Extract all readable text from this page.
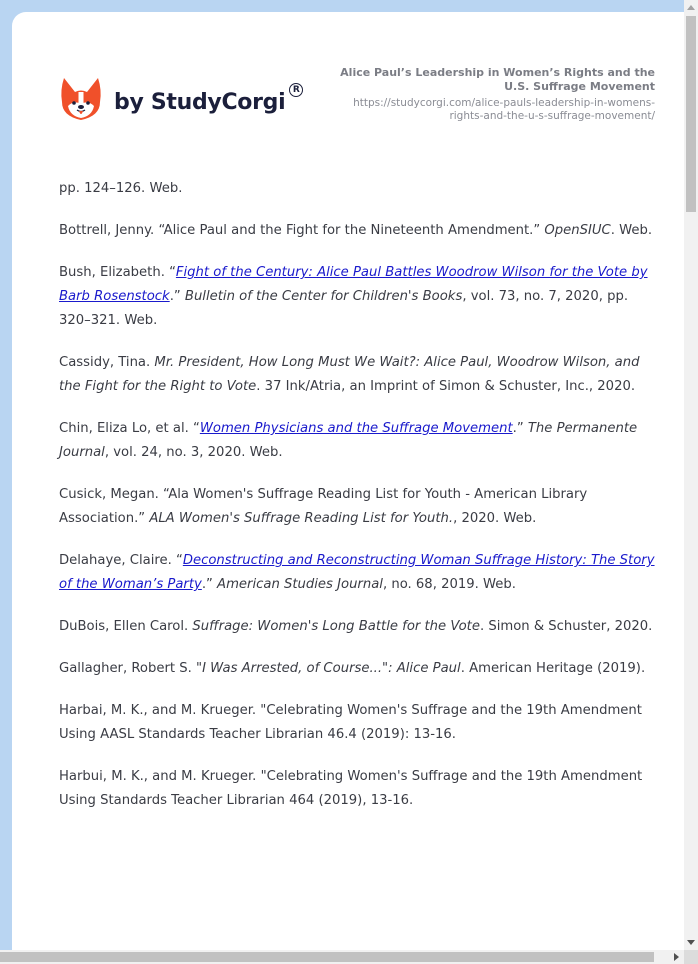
by StudyCorgi R
Alice Paul’s Leadership in Women’s Rights and the U.S. Suffrage Movement
https://studycorgi.com/alice-pauls-leadership-in-womens-rights-and-the-u-s-suffrage-movement/

pp. 124–126. Web.

Bottrell, Jenny. “Alice Paul and the Fight for the Nineteenth Amendment.” OpenSIUC. Web.

Bush, Elizabeth. “Fight of the Century: Alice Paul Battles Woodrow Wilson for the Vote by Barb Rosenstock.” Bulletin of the Center for Children's Books, vol. 73, no. 7, 2020, pp. 320–321. Web.

Cassidy, Tina. Mr. President, How Long Must We Wait?: Alice Paul, Woodrow Wilson, and the Fight for the Right to Vote. 37 Ink/Atria, an Imprint of Simon & Schuster, Inc., 2020.

Chin, Eliza Lo, et al. “Women Physicians and the Suffrage Movement.” The Permanente Journal, vol. 24, no. 3, 2020. Web.

Cusick, Megan. “Ala Women's Suffrage Reading List for Youth - American Library Association.” ALA Women's Suffrage Reading List for Youth., 2020. Web.

Delahaye, Claire. “Deconstructing and Reconstructing Woman Suffrage History: The Story of the Woman’s Party.” American Studies Journal, no. 68, 2019. Web.

DuBois, Ellen Carol. Suffrage: Women's Long Battle for the Vote. Simon & Schuster, 2020.

Gallagher, Robert S. "I Was Arrested, of Course...": Alice Paul. American Heritage (2019).

Harbai, M. K., and M. Krueger. "Celebrating Women's Suffrage and the 19th Amendment Using AASL Standards Teacher Librarian 46.4 (2019): 13-16.

Harbui, M. K., and M. Krueger. "Celebrating Women's Suffrage and the 19th Amendment Using Standards Teacher Librarian 464 (2019), 13-16.
